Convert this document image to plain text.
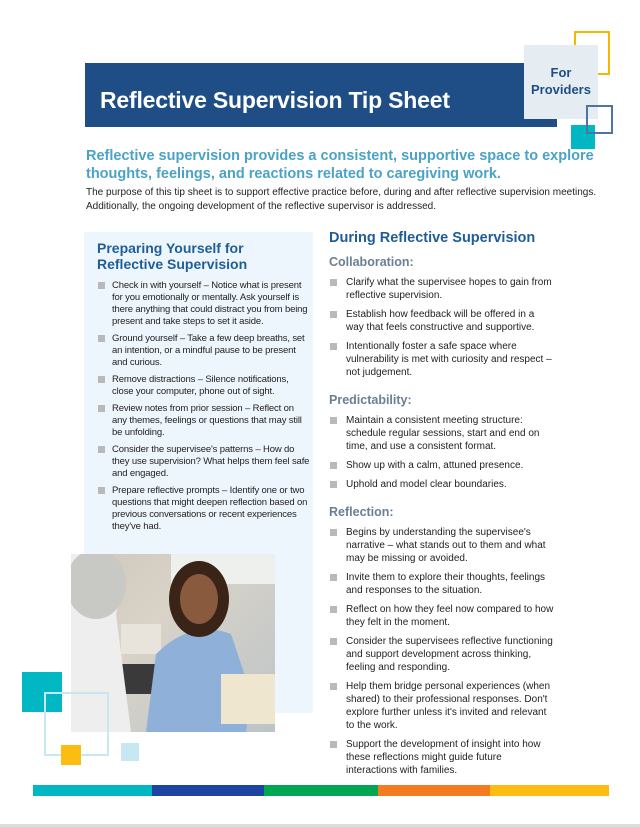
Reflective Supervision Tip Sheet
For
Providers
Reflective supervision provides a consistent, supportive space to explore thoughts, feelings, and reactions related to caregiving work.
The purpose of this tip sheet is to support effective practice before, during and after reflective supervision meetings. Additionally, the ongoing development of the reflective supervisor is addressed.
Preparing Yourself for Reflective Supervision
Check in with yourself – Notice what is present for you emotionally or mentally. Ask yourself is there anything that could distract you from being present and take steps to set it aside.
Ground yourself – Take a few deep breaths, set an intention, or a mindful pause to be present and curious.
Remove distractions – Silence notifications, close your computer, phone out of sight.
Review notes from prior session – Reflect on any themes, feelings or questions that may still be unfolding.
Consider the supervisee's patterns – How do they use supervision? What helps them feel safe and engaged.
Prepare reflective prompts – Identify one or two questions that might deepen reflection based on previous conversations or recent experiences they've had.
During Reflective Supervision
Collaboration:
Clarify what the supervisee hopes to gain from reflective supervision.
Establish how feedback will be offered in a way that feels constructive and supportive.
Intentionally foster a safe space where vulnerability is met with curiosity and respect – not judgement.
Predictability:
Maintain a consistent meeting structure: schedule regular sessions, start and end on time, and use a consistent format.
Show up with a calm, attuned presence.
Uphold and model clear boundaries.
Reflection:
Begins by understanding the supervisee's narrative – what stands out to them and what may be missing or avoided.
Invite them to explore their thoughts, feelings and responses to the situation.
Reflect on how they feel now compared to how they felt in the moment.
Consider the supervisees reflective functioning and support development across thinking, feeling and responding.
Help them bridge personal experiences (when shared) to their professional responses. Don't explore further unless it's invited and relevant to the work.
Support the development of insight into how these reflections might guide future interactions with families.
